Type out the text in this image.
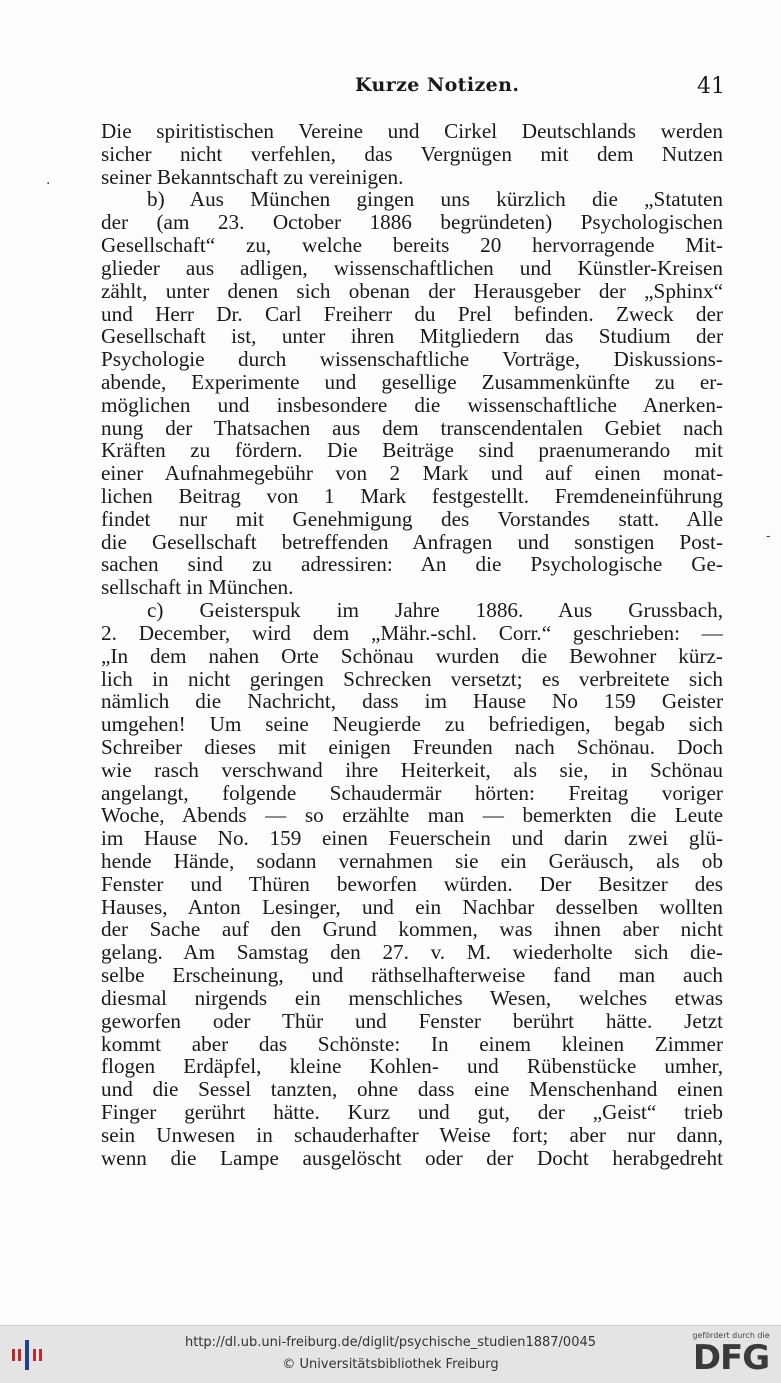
Kurze Notizen.	41
·
-
Die spiritistischen Vereine und Cirkel Deutschlands werden
sicher nicht verfehlen, das Vergnügen mit dem Nutzen
seiner Bekanntschaft zu vereinigen.
b) Aus München gingen uns kürzlich die „Statuten
der (am 23. October 1886 begründeten) Psychologischen
Gesellschaft“ zu, welche bereits 20 hervorragende Mit-
glieder aus adligen, wissenschaftlichen und Künstler-Kreisen
zählt, unter denen sich obenan der Herausgeber der „Sphinx“
und Herr Dr. Carl Freiherr du Prel befinden. Zweck der
Gesellschaft ist, unter ihren Mitgliedern das Studium der
Psychologie durch wissenschaftliche Vorträge, Diskussions-
abende, Experimente und gesellige Zusammenkünfte zu er-
möglichen und insbesondere die wissenschaftliche Anerken-
nung der Thatsachen aus dem transcendentalen Gebiet nach
Kräften zu fördern. Die Beiträge sind praenumerando mit
einer Aufnahmegebühr von 2 Mark und auf einen monat-
lichen Beitrag von 1 Mark festgestellt. Fremdeneinführung
findet nur mit Genehmigung des Vorstandes statt. Alle
die Gesellschaft betreffenden Anfragen und sonstigen Post-
sachen sind zu adressiren: An die Psychologische Ge-
sellschaft in München.
c) Geisterspuk im Jahre 1886. Aus Grussbach,
2. December, wird dem „Mähr.-schl. Corr.“ geschrieben: —
„In dem nahen Orte Schönau wurden die Bewohner kürz-
lich in nicht geringen Schrecken versetzt; es verbreitete sich
nämlich die Nachricht, dass im Hause No 159 Geister
umgehen! Um seine Neugierde zu befriedigen, begab sich
Schreiber dieses mit einigen Freunden nach Schönau. Doch
wie rasch verschwand ihre Heiterkeit, als sie, in Schönau
angelangt, folgende Schaudermär hörten: Freitag voriger
Woche, Abends — so erzählte man — bemerkten die Leute
im Hause No. 159 einen Feuerschein und darin zwei glü-
hende Hände, sodann vernahmen sie ein Geräusch, als ob
Fenster und Thüren beworfen würden. Der Besitzer des
Hauses, Anton Lesinger, und ein Nachbar desselben wollten
der Sache auf den Grund kommen, was ihnen aber nicht
gelang. Am Samstag den 27. v. M. wiederholte sich die-
selbe Erscheinung, und räthselhafterweise fand man auch
diesmal nirgends ein menschliches Wesen, welches etwas
geworfen oder Thür und Fenster berührt hätte. Jetzt
kommt aber das Schönste: In einem kleinen Zimmer
flogen Erdäpfel, kleine Kohlen- und Rübenstücke umher,
und die Sessel tanzten, ohne dass eine Menschenhand einen
Finger gerührt hätte. Kurz und gut, der „Geist“ trieb
sein Unwesen in schauderhafter Weise fort; aber nur dann,
wenn die Lampe ausgelöscht oder der Docht herabgedreht
http://dl.ub.uni-freiburg.de/diglit/psychische_studien1887/0045
© Universitätsbibliothek Freiburg
gefördert durch die
DFG
